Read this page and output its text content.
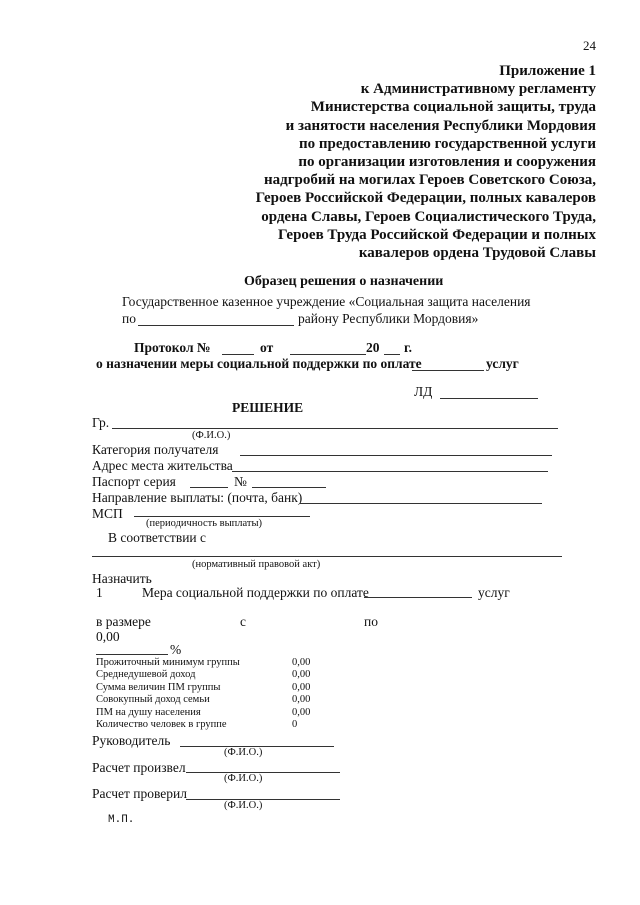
24
Приложение 1
к Административному регламенту
Министерства социальной защиты, труда
и занятости населения Республики Мордовия
по предоставлению государственной услуги
по организации изготовления и сооружения
надгробий на могилах Героев Советского Союза,
Героев Российской Федерации, полных кавалеров
ордена Славы, Героев Социалистического Труда,
Героев Труда Российской Федерации и полных
кавалеров ордена Трудовой Славы
Образец решения о назначении
Государственное казенное учреждение «Социальная защита населения
по	району Республики Мордовия»
Протокол №	от	20 г.
о назначении меры социальной поддержки по оплате	услуг
ЛД
РЕШЕНИЕ
Гр.
(Ф.И.О.)
Категория получателя
Адрес места жительства
Паспорт серия	№
Направление выплаты: (почта, банк)
МСП
(периодичность выплаты)
В соответствии с
(нормативный правовой акт)
Назначить
1	Мера социальной поддержки по оплате	услуг
в размере	с	по
0,00
%
Прожиточный минимум группы	0,00
Среднедушевой доход	0,00
Сумма величин ПМ группы	0,00
Совокупный доход семьи	0,00
ПМ на душу населения	0,00
Количество человек в группе	0
Руководитель
(Ф.И.О.)
Расчет произвел
(Ф.И.О.)
Расчет проверил
(Ф.И.О.)
М.П.
